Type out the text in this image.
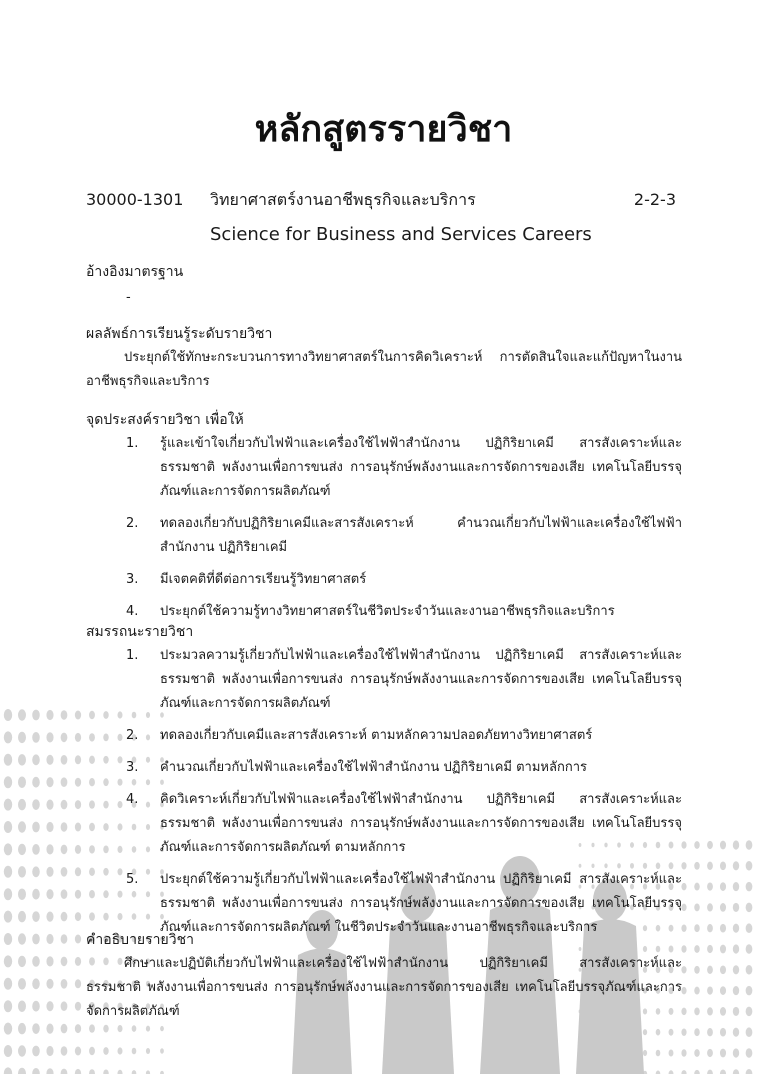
หลักสูตรรายวิชา
30000-1301 วิทยาศาสตร์งานอาชีพธุรกิจและบริการ	2-2-3
Science for Business and Services Careers
อ้างอิงมาตรฐาน
-
ผลลัพธ์การเรียนรู้ระดับรายวิชา
ประยุกต์ใช้ทักษะกระบวนการทางวิทยาศาสตร์ในการคิดวิเคราะห์ การตัดสินใจและแก้ปัญหาในงานอาชีพธุรกิจและบริการ
จุดประสงค์รายวิชา เพื่อให้
1. รู้และเข้าใจเกี่ยวกับไฟฟ้าและเครื่องใช้ไฟฟ้าสำนักงาน ปฏิกิริยาเคมี สารสังเคราะห์และธรรมชาติ พลังงานเพื่อการขนส่ง การอนุรักษ์พลังงานและการจัดการของเสีย เทคโนโลยีบรรจุภัณฑ์และการจัดการผลิตภัณฑ์
2. ทดลองเกี่ยวกับปฏิกิริยาเคมีและสารสังเคราะห์ คำนวณเกี่ยวกับไฟฟ้าและเครื่องใช้ไฟฟ้าสำนักงาน ปฏิกิริยาเคมี
3. มีเจตคติที่ดีต่อการเรียนรู้วิทยาศาสตร์
4. ประยุกต์ใช้ความรู้ทางวิทยาศาสตร์ในชีวิตประจำวันและงานอาชีพธุรกิจและบริการ
สมรรถนะรายวิชา
1. ประมวลความรู้เกี่ยวกับไฟฟ้าและเครื่องใช้ไฟฟ้าสำนักงาน ปฏิกิริยาเคมี สารสังเคราะห์และธรรมชาติ พลังงานเพื่อการขนส่ง การอนุรักษ์พลังงานและการจัดการของเสีย เทคโนโลยีบรรจุภัณฑ์และการจัดการผลิตภัณฑ์
2. ทดลองเกี่ยวกับเคมีและสารสังเคราะห์ ตามหลักความปลอดภัยทางวิทยาศาสตร์
3. คำนวณเกี่ยวกับไฟฟ้าและเครื่องใช้ไฟฟ้าสำนักงาน ปฏิกิริยาเคมี ตามหลักการ
4. คิดวิเคราะห์เกี่ยวกับไฟฟ้าและเครื่องใช้ไฟฟ้าสำนักงาน ปฏิกิริยาเคมี สารสังเคราะห์และธรรมชาติ พลังงานเพื่อการขนส่ง การอนุรักษ์พลังงานและการจัดการของเสีย เทคโนโลยีบรรจุภัณฑ์และการจัดการผลิตภัณฑ์ ตามหลักการ
5. ประยุกต์ใช้ความรู้เกี่ยวกับไฟฟ้าและเครื่องใช้ไฟฟ้าสำนักงาน ปฏิกิริยาเคมี สารสังเคราะห์และธรรมชาติ พลังงานเพื่อการขนส่ง การอนุรักษ์พลังงานและการจัดการของเสีย เทคโนโลยีบรรจุภัณฑ์และการจัดการผลิตภัณฑ์ ในชีวิตประจำวันและงานอาชีพธุรกิจและบริการ
คำอธิบายรายวิชา
ศึกษาและปฏิบัติเกี่ยวกับไฟฟ้าและเครื่องใช้ไฟฟ้าสำนักงาน ปฏิกิริยาเคมี สารสังเคราะห์และธรรมชาติ พลังงานเพื่อการขนส่ง การอนุรักษ์พลังงานและการจัดการของเสีย เทคโนโลยีบรรจุภัณฑ์และการจัดการผลิตภัณฑ์
